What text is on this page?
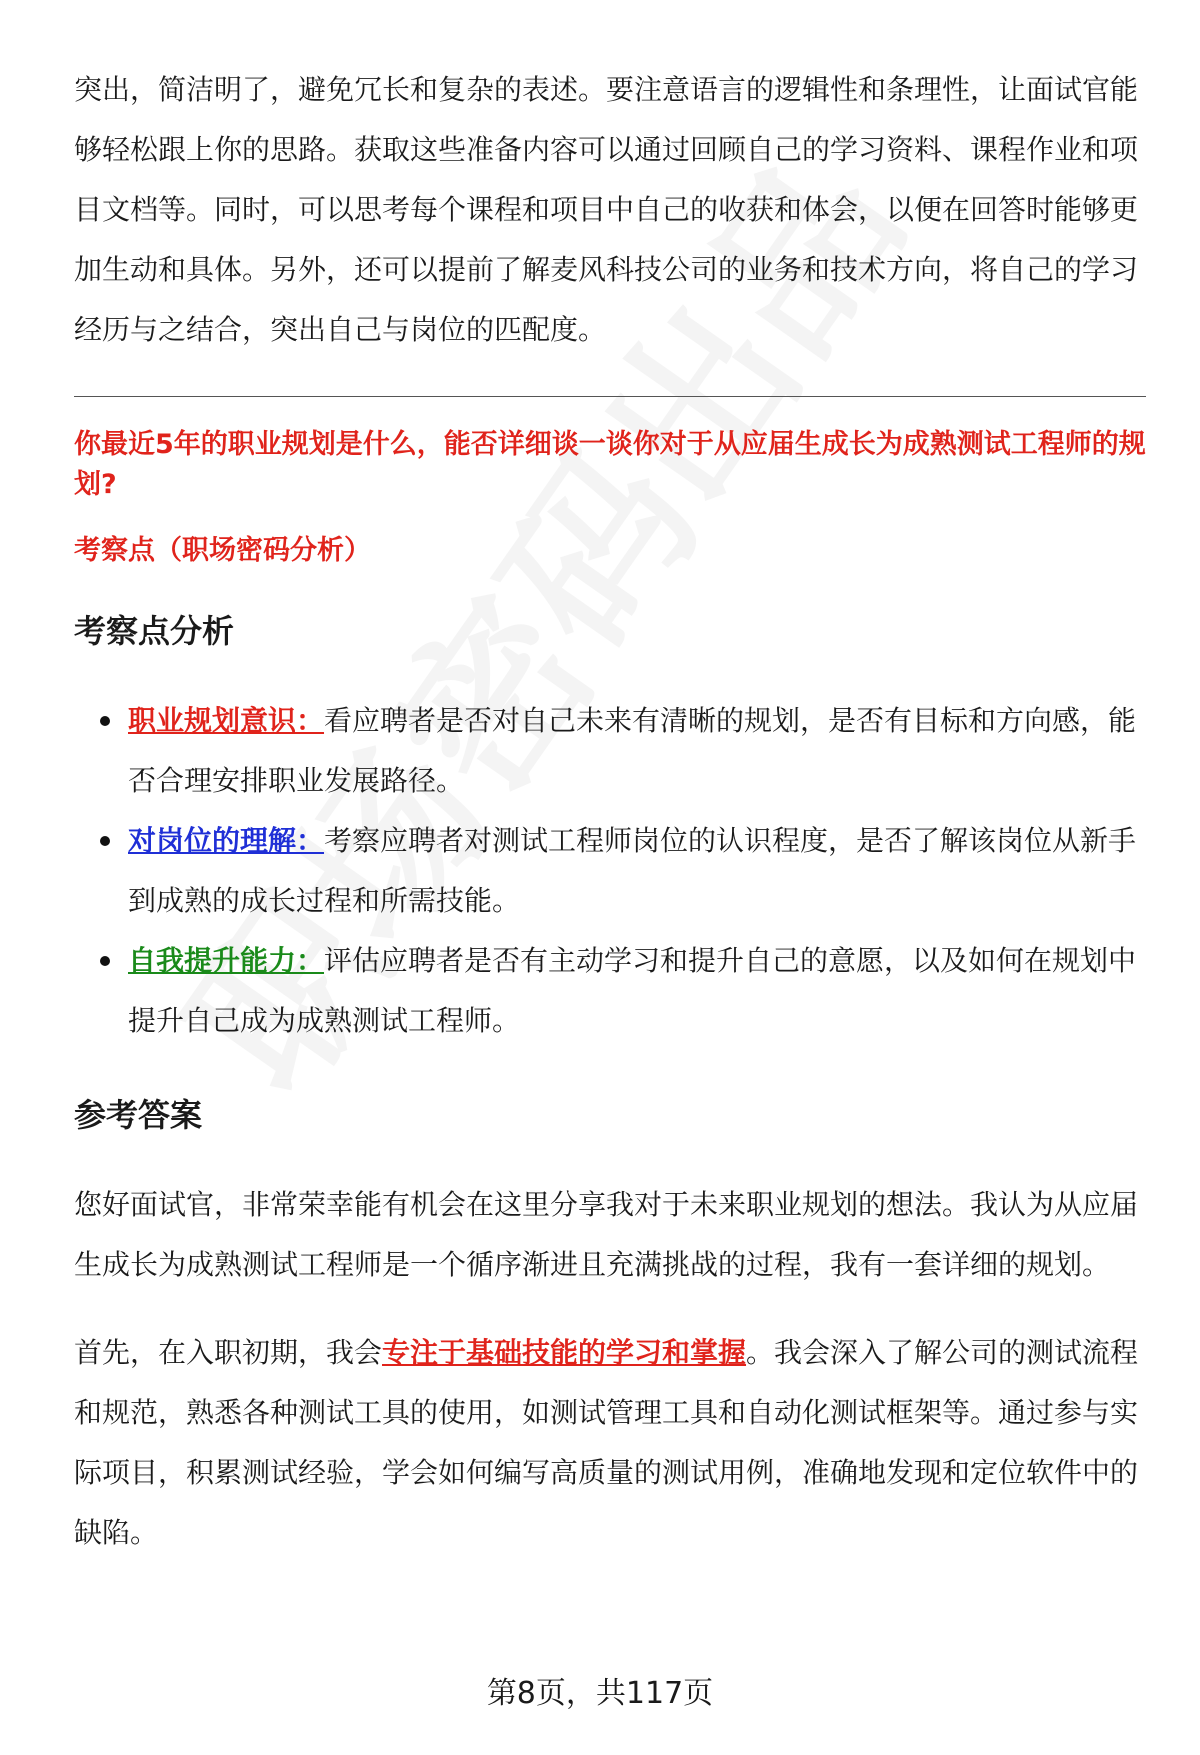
突出，简洁明了，避免冗长和复杂的表述。要注意语言的逻辑性和条理性，让面试官能够轻松跟上你的思路。获取这些准备内容可以通过回顾自己的学习资料、课程作业和项目文档等。同时，可以思考每个课程和项目中自己的收获和体会，以便在回答时能够更加生动和具体。另外，还可以提前了解麦风科技公司的业务和技术方向，将自己的学习经历与之结合，突出自己与岗位的匹配度。

你最近5年的职业规划是什么，能否详细谈一谈你对于从应届生成长为成熟测试工程师的规划?

考察点（职场密码分析）

考察点分析
职业规划意识：看应聘者是否对自己未来有清晰的规划，是否有目标和方向感，能否合理安排职业发展路径。
对岗位的理解：考察应聘者对测试工程师岗位的认识程度，是否了解该岗位从新手到成熟的成长过程和所需技能。
自我提升能力：评估应聘者是否有主动学习和提升自己的意愿，以及如何在规划中提升自己成为成熟测试工程师。
参考答案

您好面试官，非常荣幸能有机会在这里分享我对于未来职业规划的想法。我认为从应届生成长为成熟测试工程师是一个循序渐进且充满挑战的过程，我有一套详细的规划。

首先，在入职初期，我会专注于基础技能的学习和掌握。我会深入了解公司的测试流程和规范，熟悉各种测试工具的使用，如测试管理工具和自动化测试框架等。通过参与实际项目，积累测试经验，学会如何编写高质量的测试用例，准确地发现和定位软件中的缺陷。

第8页，共117页
